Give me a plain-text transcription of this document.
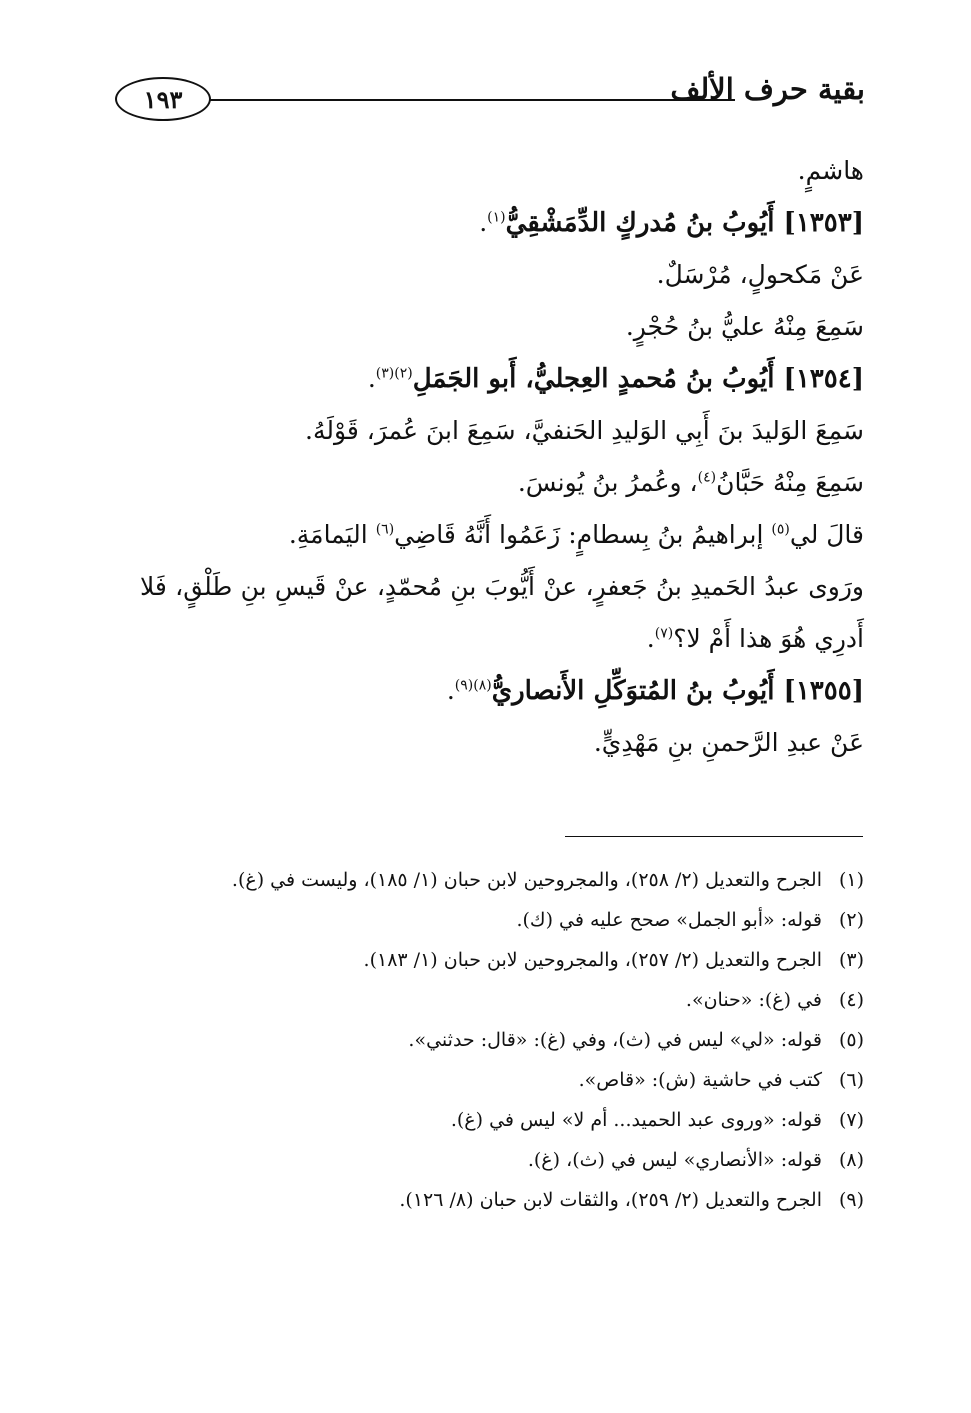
١٩٣	بقية حرف الألف
هاشمٍ.
[١٣٥٣] أَيُوبُ بنُ مُدركٍ الدِّمَشْقِيُّ$^{(١)}$.
عَنْ مَكحولٍ، مُرْسَلٌ.
سَمِعَ مِنْهُ عليُّ بنُ حُجْرٍ.
[١٣٥٤] أَيُوبُ بنُ مُحمدٍ العِجليُّ، أَبو الجَمَلِ$^{(٢)(٣)}$.
سَمِعَ الوَليدَ بنَ أَبِي الوَليدِ الحَنفيَّ، سَمِعَ ابنَ عُمرَ، قَوْلَهُ.
سَمِعَ مِنْهُ حَبَّانُ$^{(٤)}$، وعُمرُ بنُ يُونسَ.
قالَ لي$^{(٥)}$ إبراهيمُ بنُ بِسطامٍ: زَعَمُوا أَنَّهُ قَاضِي$^{(٦)}$ اليَمامَةِ.
ورَوى عبدُ الحَميدِ بنُ جَعفرٍ، عنْ أَيُّوبَ بنِ مُحمّدٍ، عنْ قَيسِ بنِ طَلْقٍ، فَلا
أَدرِي هُوَ هذا أَمْ لا؟$^{(٧)}$.
[١٣٥٥] أَيُوبُ بنُ المُتوَكِّلِ الأَنصاريُّ$^{(٨)(٩)}$.
عَنْ عبدِ الرَّحمنِ بنِ مَهْدِيٍّ.
(١)الجرح والتعديل (٢/ ٢٥٨)، والمجروحين لابن حبان (١/ ١٨٥)، وليست في (غ).
(٢)قوله: «أبو الجمل» صحح عليه في (ك).
(٣)الجرح والتعديل (٢/ ٢٥٧)، والمجروحين لابن حبان (١/ ١٨٣).
(٤)في (غ): «حنان».
(٥)قوله: «لي» ليس في (ث)، وفي (غ): «قال: حدثني».
(٦)كتب في حاشية (ش): «قاص».
(٧)قوله: «وروى عبد الحميد... أم لا» ليس في (غ).
(٨)قوله: «الأنصاري» ليس في (ث)، (غ).
(٩)الجرح والتعديل (٢/ ٢٥٩)، والثقات لابن حبان (٨/ ١٢٦).
